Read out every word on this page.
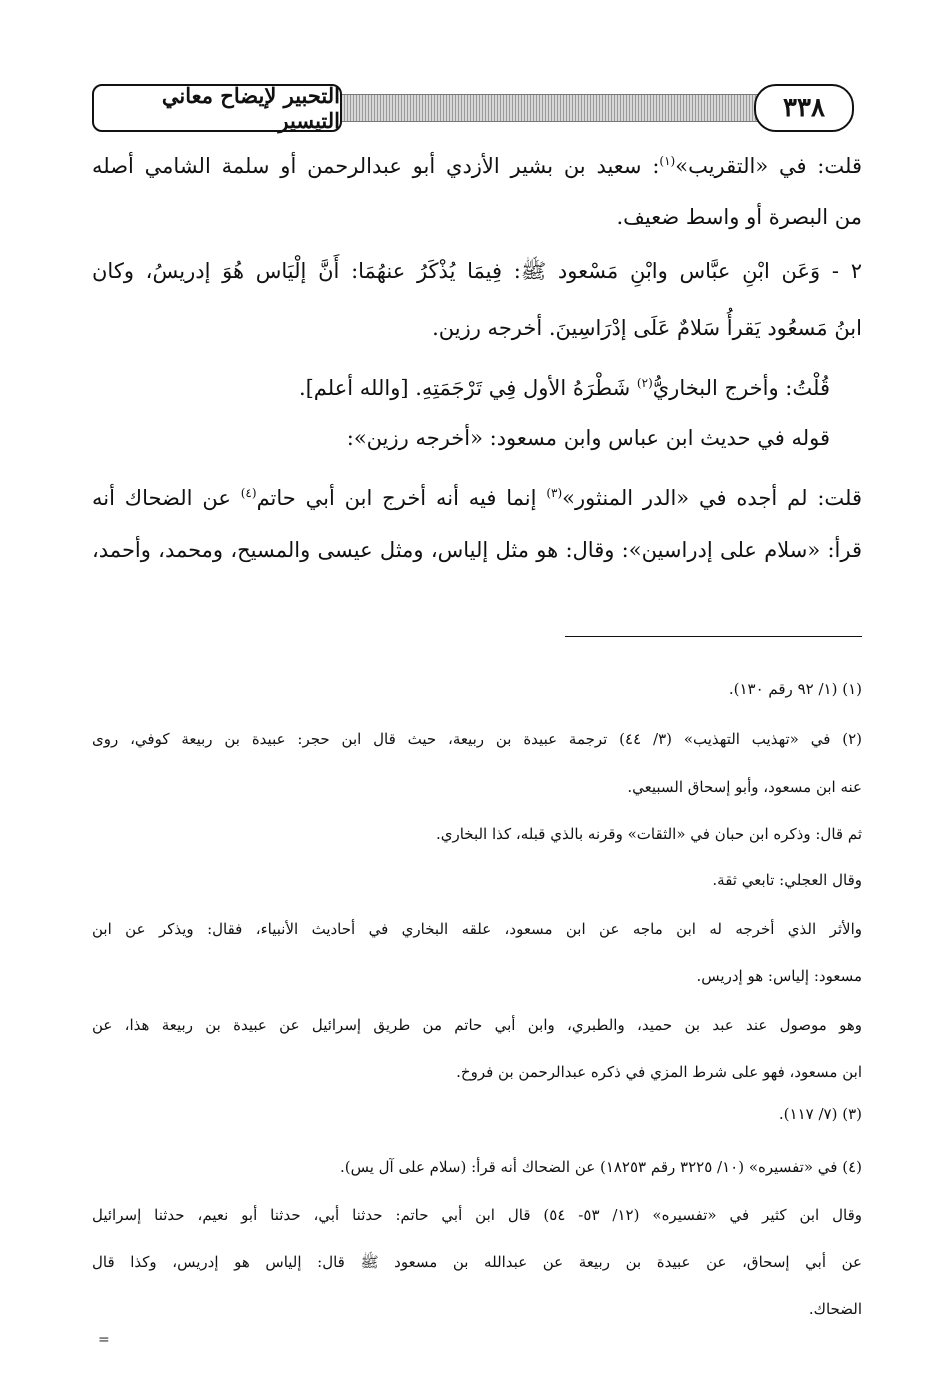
التحبير لإيضاح معاني التيسير	٣٣٨
قلت: في «التقريب»$^{(١)}$: سعيد بن بشير الأزدي أبو عبدالرحمن أو سلمة الشامي أصله
من البصرة أو واسط ضعيف.
٢ - وَعَن ابْنِ عبَّاس وابْنِ مَسْعود ﷺ: فِيمَا يُذْكَرُ عنهُمَا: أَنَّ إلْيَاس هُوَ إدريسُ، وكان
ابنُ مَسعُود يَقرأُ سَلامٌ عَلَى إدْرَاسِينَ. أخرجه رزين.
قُلْتُ: وأخرج البخاريُّ$^{(٢)}$ شَطْرَهُ الأول فِي تَرْجَمَتِهِ. [والله أعلم].
قوله في حديث ابن عباس وابن مسعود: «أخرجه رزين»:
قلت: لم أجده في «الدر المنثور»$^{(٣)}$ إنما فيه أنه أخرج ابن أبي حاتم$^{(٤)}$ عن الضحاك أنه
قرأ: «سلام على إدراسين»: وقال: هو مثل إلياس، ومثل عيسى والمسيح، ومحمد، وأحمد،
(١) (١/ ٩٢ رقم ١٣٠).
(٢) في «تهذيب التهذيب» (٣/ ٤٤) ترجمة عبيدة بن ربيعة، حيث قال ابن حجر: عبيدة بن ربيعة كوفي، روى
عنه ابن مسعود، وأبو إسحاق السبيعي.
ثم قال: وذكره ابن حبان في «الثقات» وقرنه بالذي قبله، كذا البخاري.
وقال العجلي: تابعي ثقة.
والأثر الذي أخرجه له ابن ماجه عن ابن مسعود، علقه البخاري في أحاديث الأنبياء، فقال: ويذكر عن ابن
مسعود: إلياس: هو إدريس.
وهو موصول عند عبد بن حميد، والطبري، وابن أبي حاتم من طريق إسرائيل عن عبيدة بن ربيعة هذا، عن
ابن مسعود، فهو على شرط المزي في ذكره عبدالرحمن بن فروخ.
(٣) (٧/ ١١٧).
(٤) في «تفسيره» (١٠/ ٣٢٢٥ رقم ١٨٢٥٣) عن الضحاك أنه قرأ: (سلام على آل يس).
وقال ابن كثير في «تفسيره» (١٢/ ٥٣- ٥٤) قال ابن أبي حاتم: حدثنا أبي، حدثنا أبو نعيم، حدثنا إسرائيل
عن أبي إسحاق، عن عبيدة بن ربيعة عن عبدالله بن مسعود ﷺ قال: إلياس هو إدريس، وكذا قال
الضحاك.
=
